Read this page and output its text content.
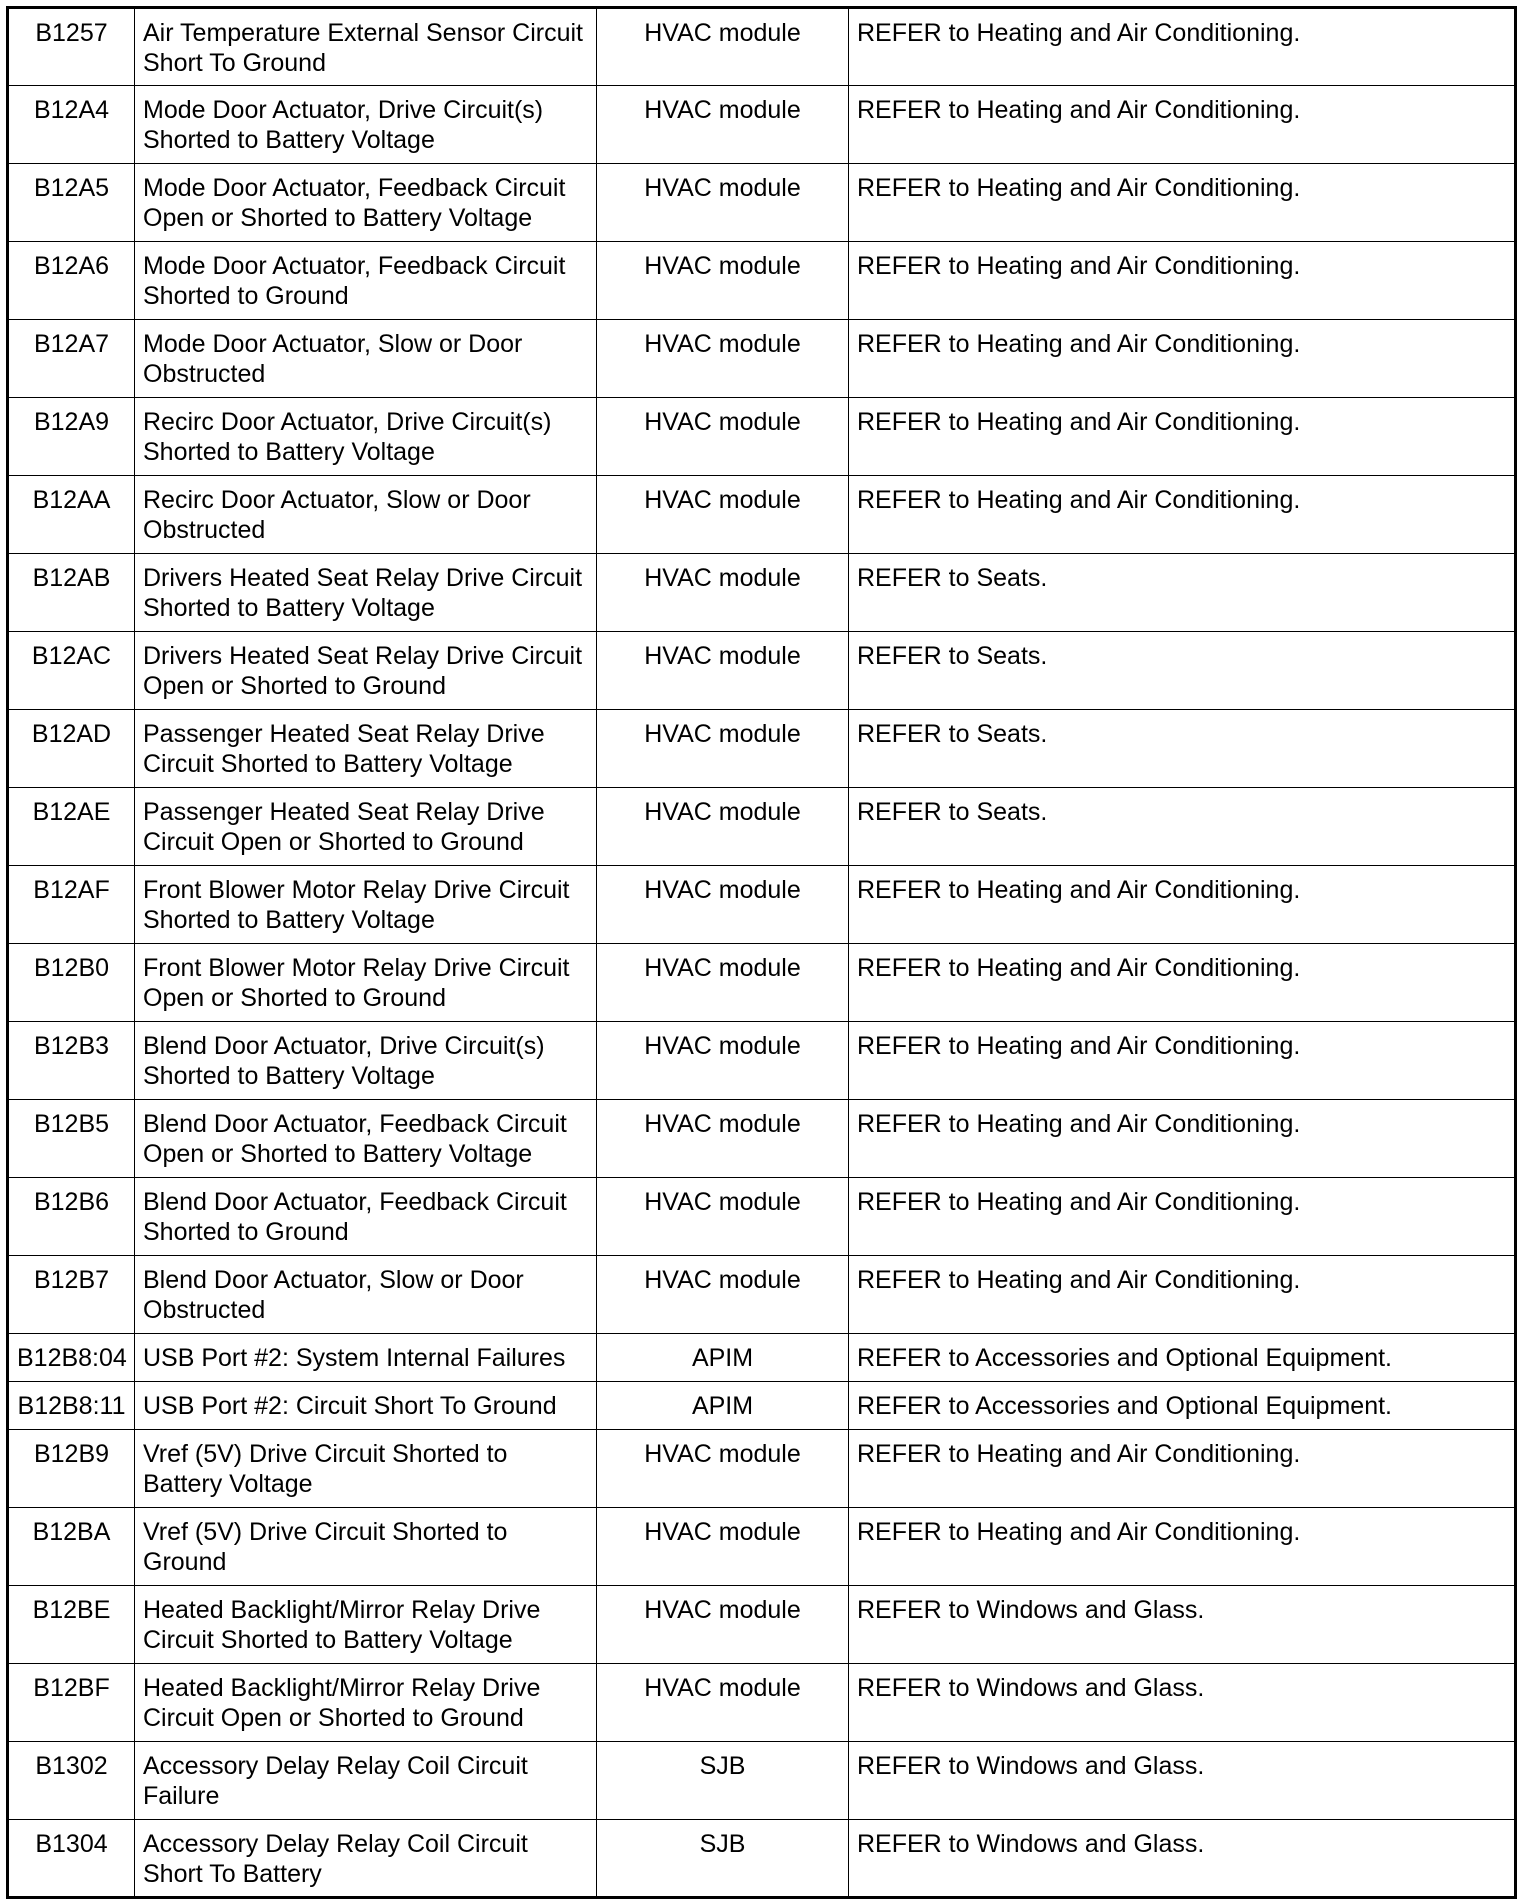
B1257	Air Temperature External Sensor Circuit Short To Ground	HVAC module	REFER to Heating and Air Conditioning.
B12A4	Mode Door Actuator, Drive Circuit(s) Shorted to Battery Voltage	HVAC module	REFER to Heating and Air Conditioning.
B12A5	Mode Door Actuator, Feedback Circuit Open or Shorted to Battery Voltage	HVAC module	REFER to Heating and Air Conditioning.
B12A6	Mode Door Actuator, Feedback Circuit Shorted to Ground	HVAC module	REFER to Heating and Air Conditioning.
B12A7	Mode Door Actuator, Slow or Door Obstructed	HVAC module	REFER to Heating and Air Conditioning.
B12A9	Recirc Door Actuator, Drive Circuit(s) Shorted to Battery Voltage	HVAC module	REFER to Heating and Air Conditioning.
B12AA	Recirc Door Actuator, Slow or Door Obstructed	HVAC module	REFER to Heating and Air Conditioning.
B12AB	Drivers Heated Seat Relay Drive Circuit Shorted to Battery Voltage	HVAC module	REFER to Seats.
B12AC	Drivers Heated Seat Relay Drive Circuit Open or Shorted to Ground	HVAC module	REFER to Seats.
B12AD	Passenger Heated Seat Relay Drive Circuit Shorted to Battery Voltage	HVAC module	REFER to Seats.
B12AE	Passenger Heated Seat Relay Drive Circuit Open or Shorted to Ground	HVAC module	REFER to Seats.
B12AF	Front Blower Motor Relay Drive Circuit Shorted to Battery Voltage	HVAC module	REFER to Heating and Air Conditioning.
B12B0	Front Blower Motor Relay Drive Circuit Open or Shorted to Ground	HVAC module	REFER to Heating and Air Conditioning.
B12B3	Blend Door Actuator, Drive Circuit(s) Shorted to Battery Voltage	HVAC module	REFER to Heating and Air Conditioning.
B12B5	Blend Door Actuator, Feedback Circuit Open or Shorted to Battery Voltage	HVAC module	REFER to Heating and Air Conditioning.
B12B6	Blend Door Actuator, Feedback Circuit Shorted to Ground	HVAC module	REFER to Heating and Air Conditioning.
B12B7	Blend Door Actuator, Slow or Door Obstructed	HVAC module	REFER to Heating and Air Conditioning.
B12B8:04	USB Port #2: System Internal Failures	APIM	REFER to Accessories and Optional Equipment.
B12B8:11	USB Port #2: Circuit Short To Ground	APIM	REFER to Accessories and Optional Equipment.
B12B9	Vref (5V) Drive Circuit Shorted to Battery Voltage	HVAC module	REFER to Heating and Air Conditioning.
B12BA	Vref (5V) Drive Circuit Shorted to Ground	HVAC module	REFER to Heating and Air Conditioning.
B12BE	Heated Backlight/Mirror Relay Drive Circuit Shorted to Battery Voltage	HVAC module	REFER to Windows and Glass.
B12BF	Heated Backlight/Mirror Relay Drive Circuit Open or Shorted to Ground	HVAC module	REFER to Windows and Glass.
B1302	Accessory Delay Relay Coil Circuit Failure	SJB	REFER to Windows and Glass.
B1304	Accessory Delay Relay Coil Circuit Short To Battery	SJB	REFER to Windows and Glass.
